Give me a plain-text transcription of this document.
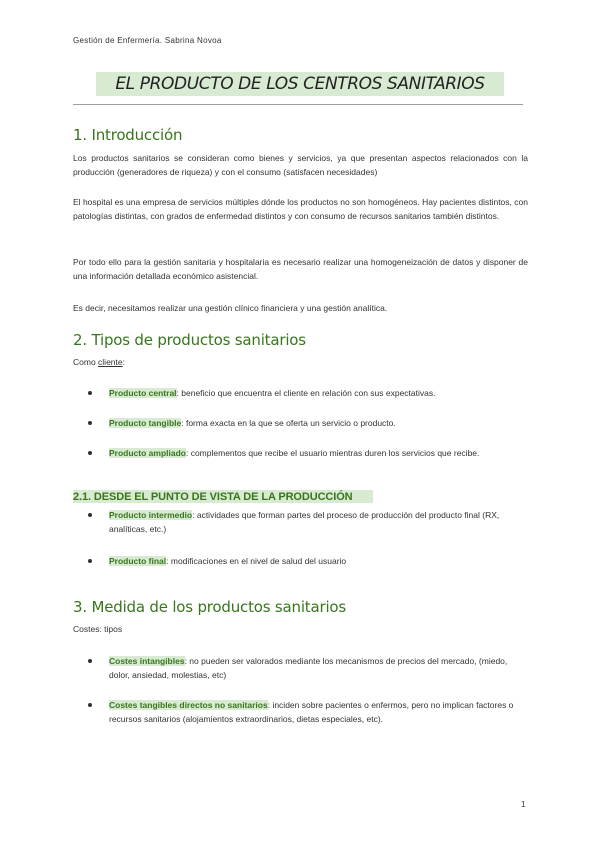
Gestión de Enfermería. Sabrina Novoa
EL PRODUCTO DE LOS CENTROS SANITARIOS
1. Introducción
Los productos sanitarios se consideran como bienes y servicios, ya que presentan aspectos relacionados con la producción (generadores de riqueza) y con el consumo (satisfacen necesidades)
El hospital es una empresa de servicios múltiples dónde los productos no son homogéneos. Hay pacientes distintos, con patologías distintas, con grados de enfermedad distintos y con consumo de recursos sanitarios también distintos.
Por todo ello para la gestión sanitaria y hospitalaria es necesario realizar una homogeneización de datos y disponer de una información detallada económico asistencial.
Es decir, necesitamos realizar una gestión clínico financiera y una gestión analítica.
2. Tipos de productos sanitarios
Como cliente:
Producto central: beneficio que encuentra el cliente en relación con sus expectativas.
Producto tangible: forma exacta en la que se oferta un servicio o producto.
Producto ampliado: complementos que recibe el usuario mientras duren los servicios que recibe.
2.1. DESDE EL PUNTO DE VISTA DE LA PRODUCCIÓN
Producto intermedio: actividades que forman partes del proceso de producción del producto final (RX, analíticas, etc.)
Producto final: modificaciones en el nivel de salud del usuario
3. Medida de los productos sanitarios
Costes: tipos
Costes intangibles: no pueden ser valorados mediante los mecanismos de precios del mercado, (miedo, dolor, ansiedad, molestias, etc)
Costes tangibles directos no sanitarios: inciden sobre pacientes o enfermos, pero no implican factores o recursos sanitarios (alojamientos extraordinarios, dietas especiales, etc).
1
